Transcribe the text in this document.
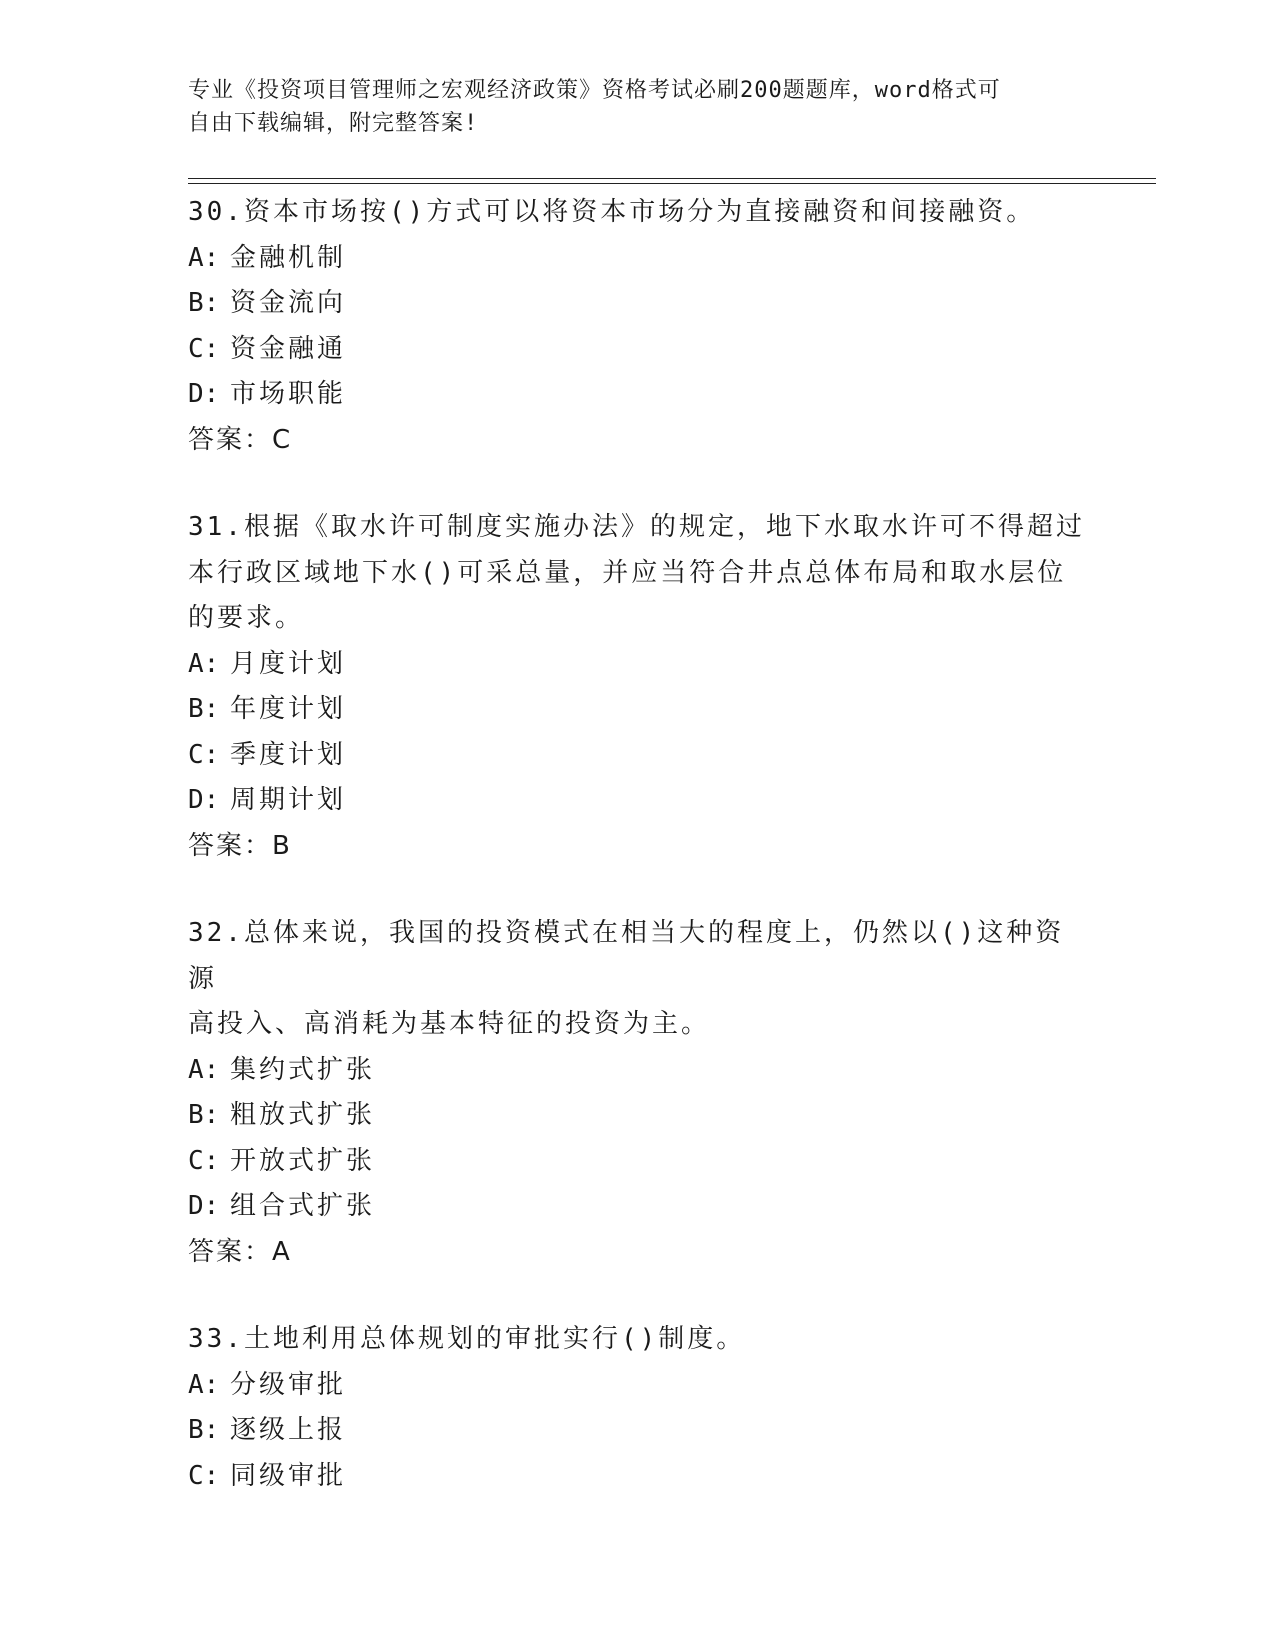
专业《投资项目管理师之宏观经济政策》资格考试必刷200题题库，word格式可
自由下载编辑，附完整答案!
30.资本市场按()方式可以将资本市场分为直接融资和间接融资。
A: 金融机制
B: 资金流向
C: 资金融通
D: 市场职能
答案：C
31.根据《取水许可制度实施办法》的规定，地下水取水许可不得超过
本行政区域地下水()可采总量，并应当符合井点总体布局和取水层位
的要求。
A: 月度计划
B: 年度计划
C: 季度计划
D: 周期计划
答案：B
32.总体来说，我国的投资模式在相当大的程度上，仍然以()这种资源
高投入、高消耗为基本特征的投资为主。
A: 集约式扩张
B: 粗放式扩张
C: 开放式扩张
D: 组合式扩张
答案：A
33.土地利用总体规划的审批实行()制度。
A: 分级审批
B: 逐级上报
C: 同级审批
